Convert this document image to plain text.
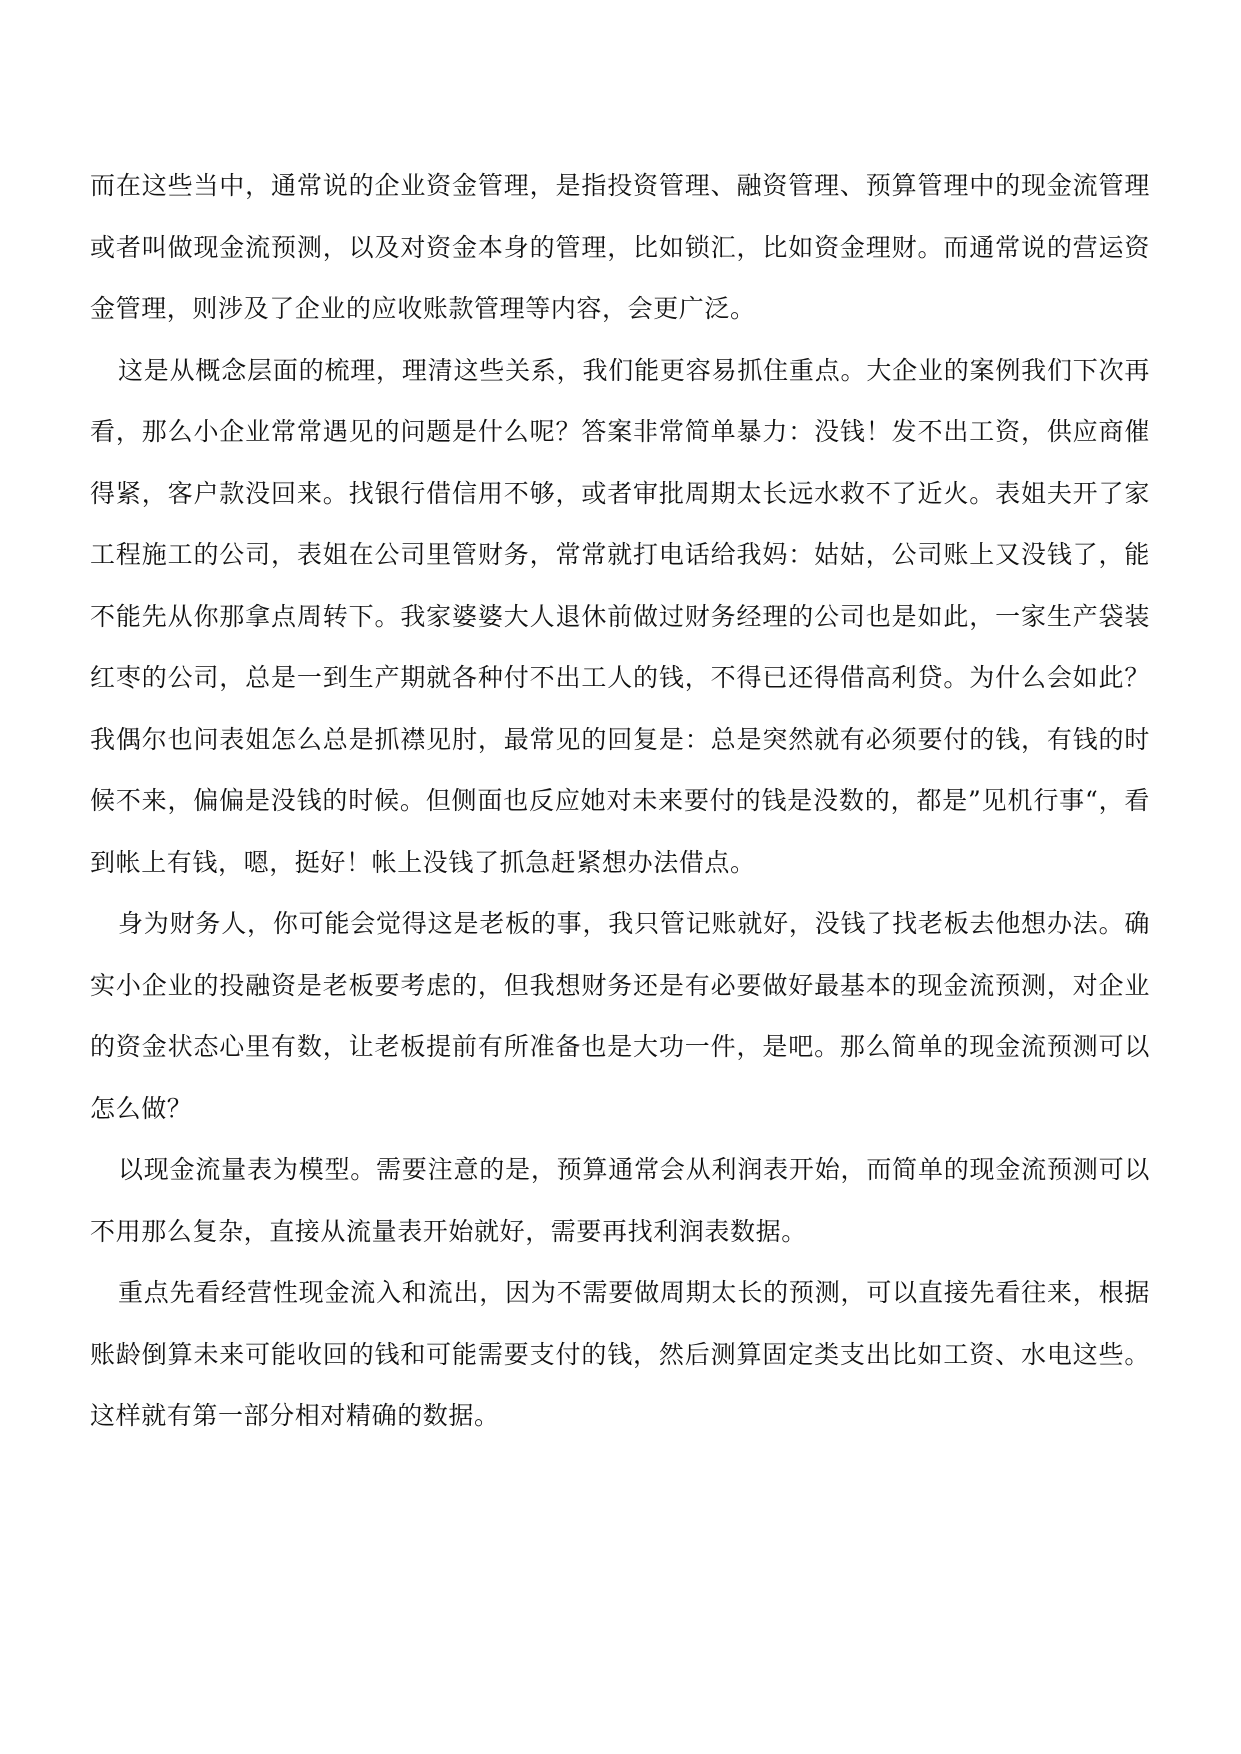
而在这些当中，通常说的企业资金管理，是指投资管理、融资管理、预算管理中的现金流管理或者叫做现金流预测，以及对资金本身的管理，比如锁汇，比如资金理财。而通常说的营运资金管理，则涉及了企业的应收账款管理等内容，会更广泛。

这是从概念层面的梳理，理清这些关系，我们能更容易抓住重点。大企业的案例我们下次再看，那么小企业常常遇见的问题是什么呢？答案非常简单暴力：没钱！发不出工资，供应商催得紧，客户款没回来。找银行借信用不够，或者审批周期太长远水救不了近火。表姐夫开了家工程施工的公司，表姐在公司里管财务，常常就打电话给我妈：姑姑，公司账上又没钱了，能不能先从你那拿点周转下。我家婆婆大人退休前做过财务经理的公司也是如此，一家生产袋装红枣的公司，总是一到生产期就各种付不出工人的钱，不得已还得借高利贷。为什么会如此？我偶尔也问表姐怎么总是抓襟见肘，最常见的回复是：总是突然就有必须要付的钱，有钱的时候不来，偏偏是没钱的时候。但侧面也反应她对未来要付的钱是没数的，都是”见机行事“，看到帐上有钱，嗯，挺好！帐上没钱了抓急赶紧想办法借点。

身为财务人，你可能会觉得这是老板的事，我只管记账就好，没钱了找老板去他想办法。确实小企业的投融资是老板要考虑的，但我想财务还是有必要做好最基本的现金流预测，对企业的资金状态心里有数，让老板提前有所准备也是大功一件，是吧。那么简单的现金流预测可以怎么做？

以现金流量表为模型。需要注意的是，预算通常会从利润表开始，而简单的现金流预测可以不用那么复杂，直接从流量表开始就好，需要再找利润表数据。

重点先看经营性现金流入和流出，因为不需要做周期太长的预测，可以直接先看往来，根据账龄倒算未来可能收回的钱和可能需要支付的钱，然后测算固定类支出比如工资、水电这些。这样就有第一部分相对精确的数据。
